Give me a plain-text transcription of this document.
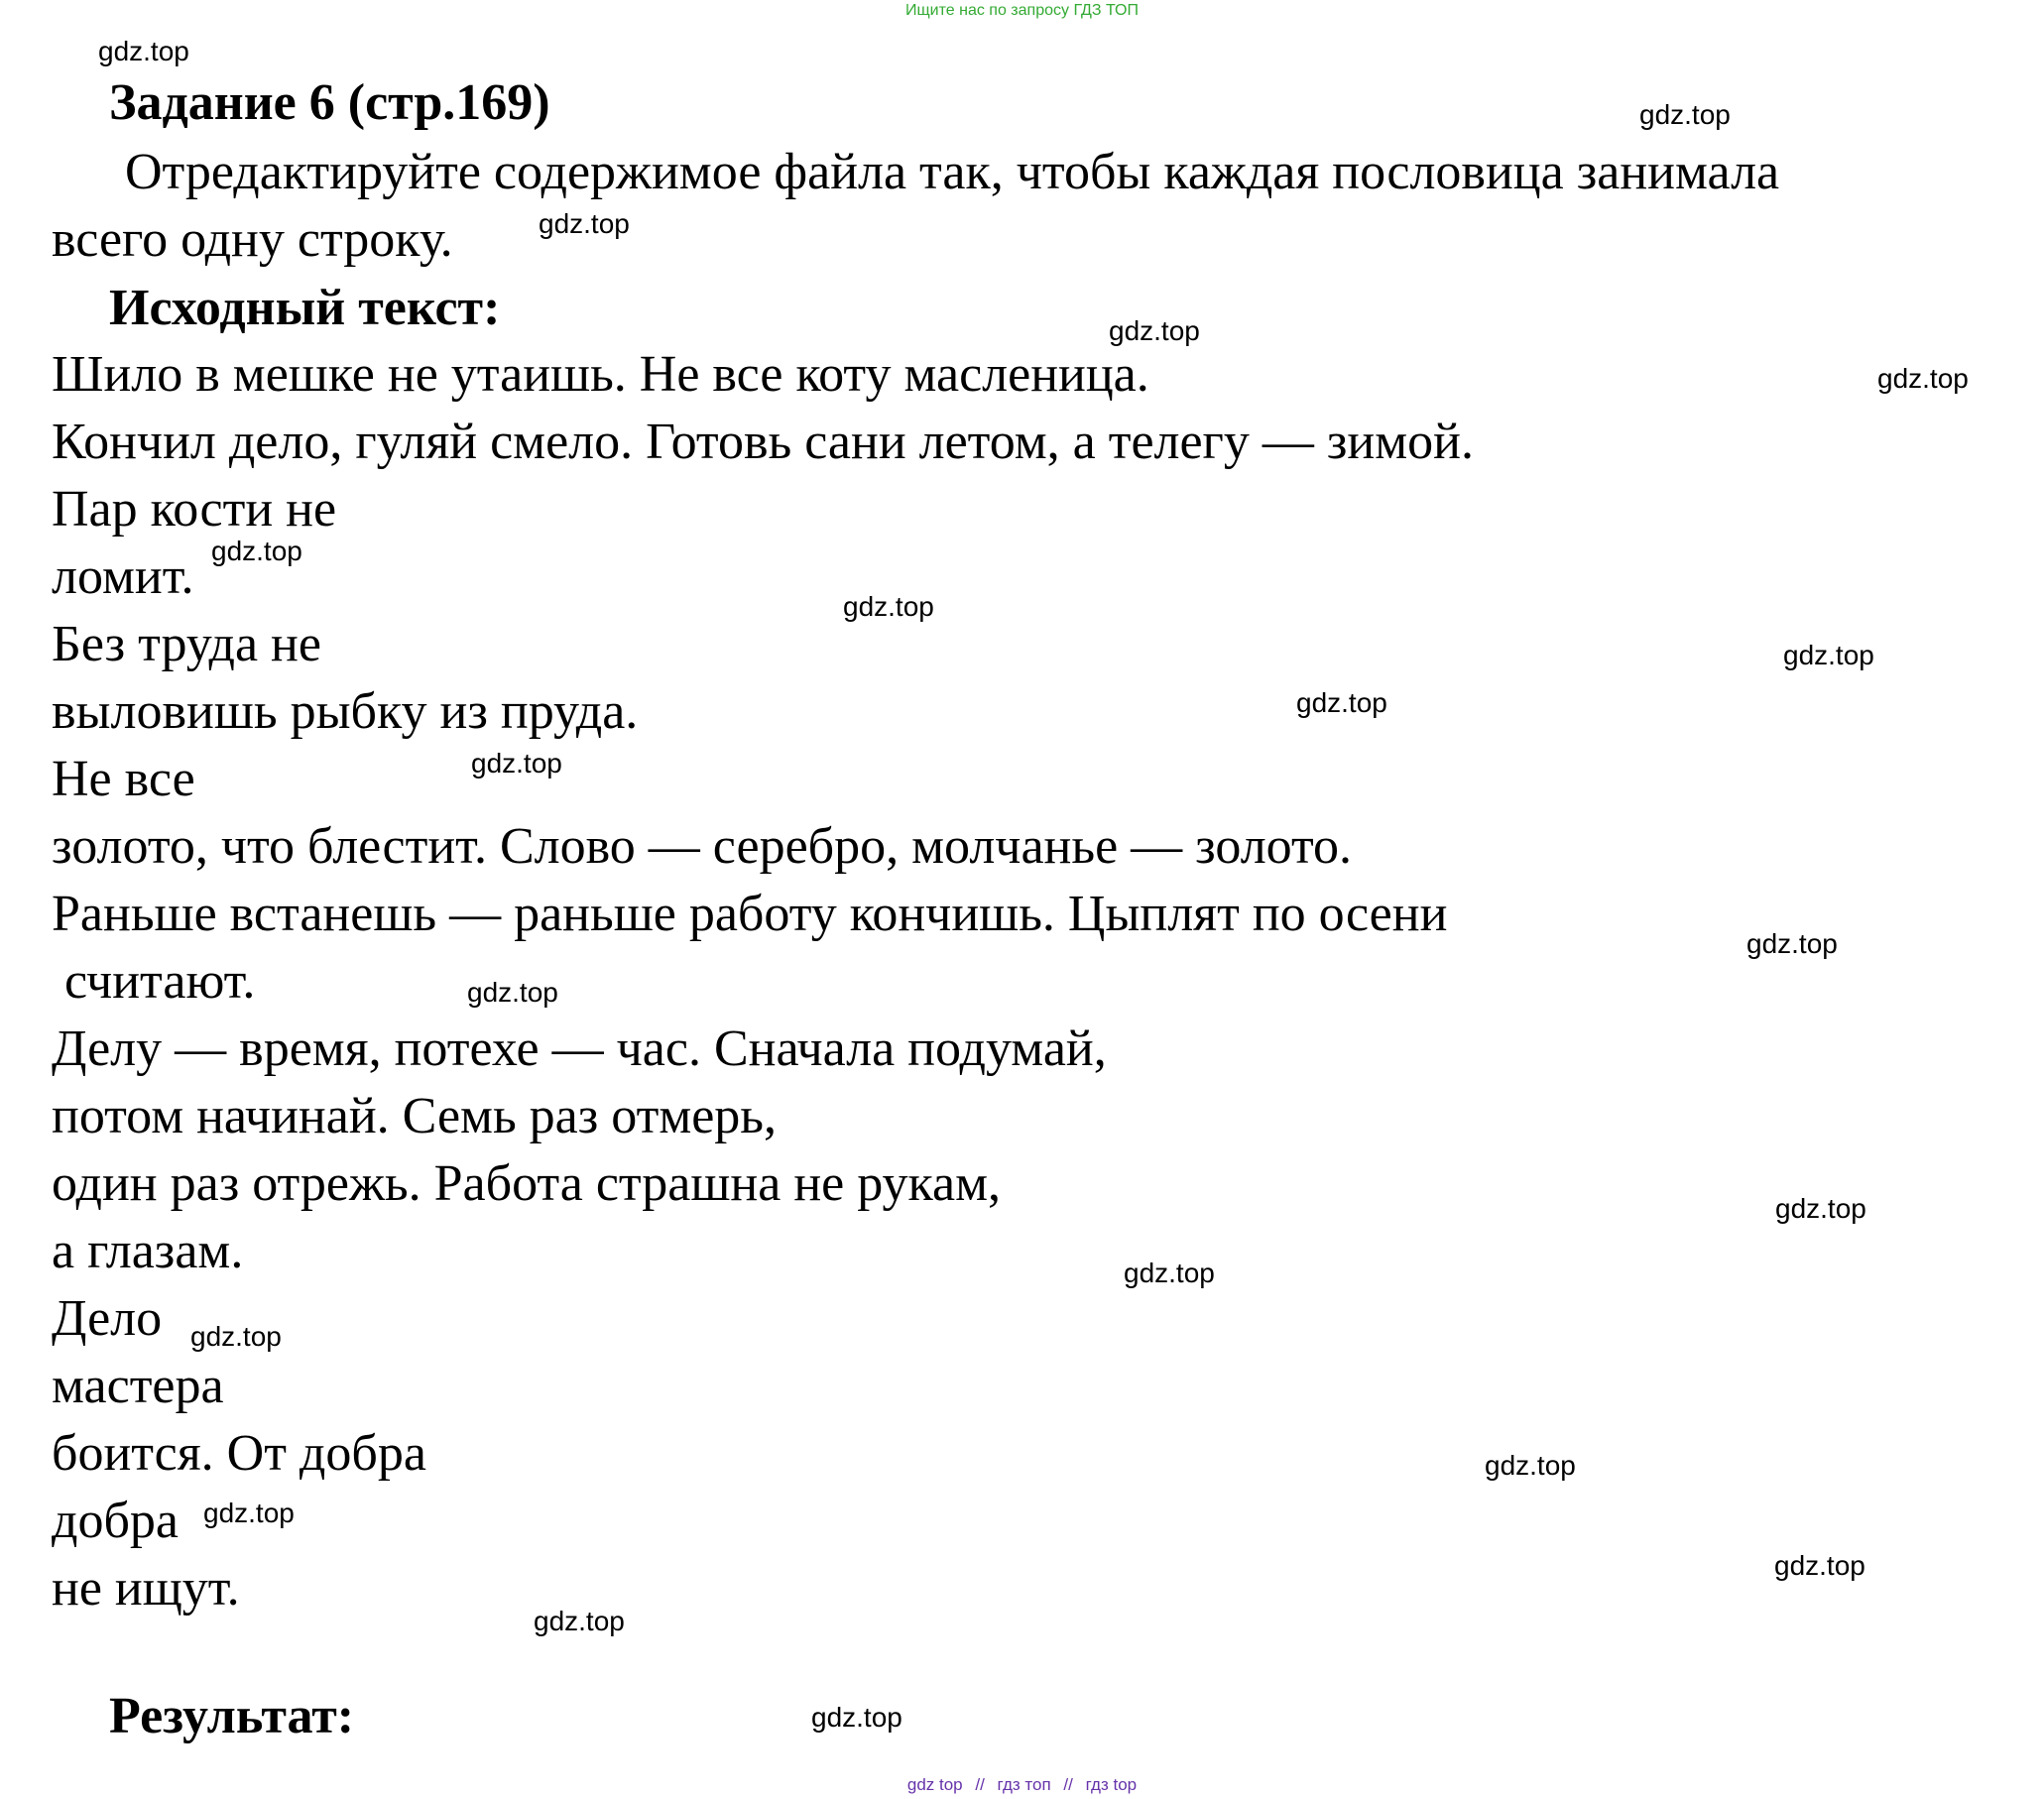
Ищите нас по запросу ГДЗ ТОП
Задание 6 (стр.169)
Отредактируйте содержимое файла так, чтобы каждая пословица занимала
всего одну строку.
Исходный текст:
Шило в мешке не утаишь. Не все коту масленица.
Кончил дело, гуляй смело. Готовь сани летом, а телегу — зимой.
Пар кости не
ломит.
Без труда не
выловишь рыбку из пруда.
Не все
золото, что блестит. Слово — серебро, молчанье — золото.
Раньше встанешь — раньше работу кончишь. Цыплят по осени
считают.
Делу — время, потехе — час. Сначала подумай,
потом начинай. Семь раз отмерь,
один раз отрежь. Работа страшна не рукам,
а глазам.
Дело
мастера
боится. От добра
добра
не ищут.
Результат:
gdz.top
gdz.top
gdz.top
gdz.top
gdz.top
gdz.top
gdz.top
gdz.top
gdz.top
gdz.top
gdz.top
gdz.top
gdz.top
gdz.top
gdz.top
gdz.top
gdz.top
gdz.top
gdz.top
gdz.top
gdz top // гдз топ // гдз top
